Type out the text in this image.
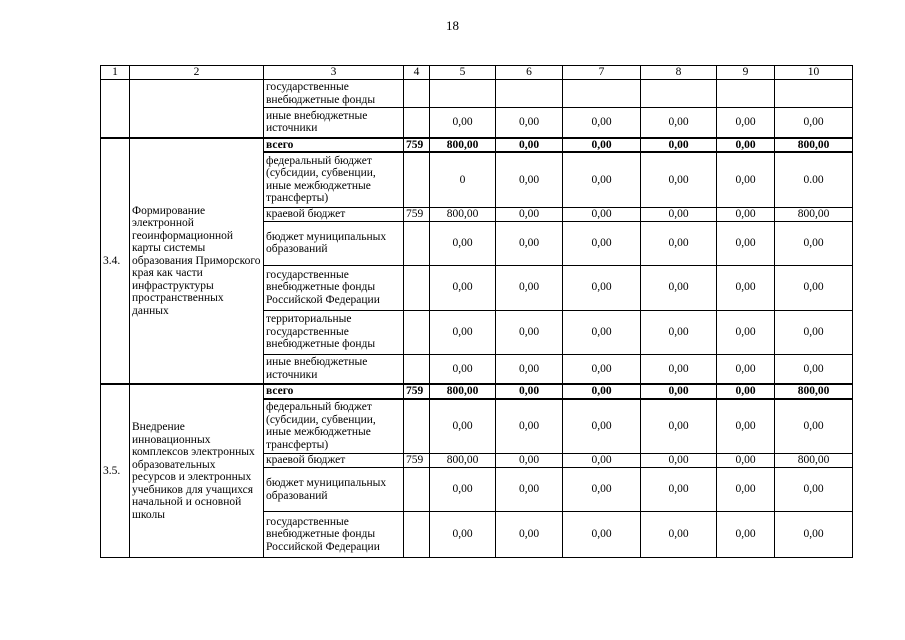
18
1	2	3	4	5	6	7	8	9	10
		государственные внебюджетные фонды							
		иные внебюджетные источники		0,00	0,00	0,00	0,00	0,00	0,00
3.4.	Формирование электронной геоинформационной карты системы образования Приморского края как части инфраструктуры пространственных данных	всего	759	800,00	0,00	0,00	0,00	0,00	800,00
		федеральный бюджет (субсидии, субвенции, иные межбюджетные трансферты)		0	0,00	0,00	0,00	0,00	0.00
		краевой бюджет	759	800,00	0,00	0,00	0,00	0,00	800,00
		бюджет муниципальных образований		0,00	0,00	0,00	0,00	0,00	0,00
		государственные внебюджетные фонды Российской Федерации		0,00	0,00	0,00	0,00	0,00	0,00
		территориальные государственные внебюджетные фонды		0,00	0,00	0,00	0,00	0,00	0,00
		иные внебюджетные источники		0,00	0,00	0,00	0,00	0,00	0,00
3.5.	Внедрение инновационных комплексов электронных образовательных ресурсов и электронных учебников для учащихся начальной и основной школы	всего	759	800,00	0,00	0,00	0,00	0,00	800,00
		федеральный бюджет (субсидии, субвенции, иные межбюджетные трансферты)		0,00	0,00	0,00	0,00	0,00	0,00
		краевой бюджет	759	800,00	0,00	0,00	0,00	0,00	800,00
		бюджет муниципальных образований		0,00	0,00	0,00	0,00	0,00	0,00
		государственные внебюджетные фонды Российской Федерации		0,00	0,00	0,00	0,00	0,00	0,00
